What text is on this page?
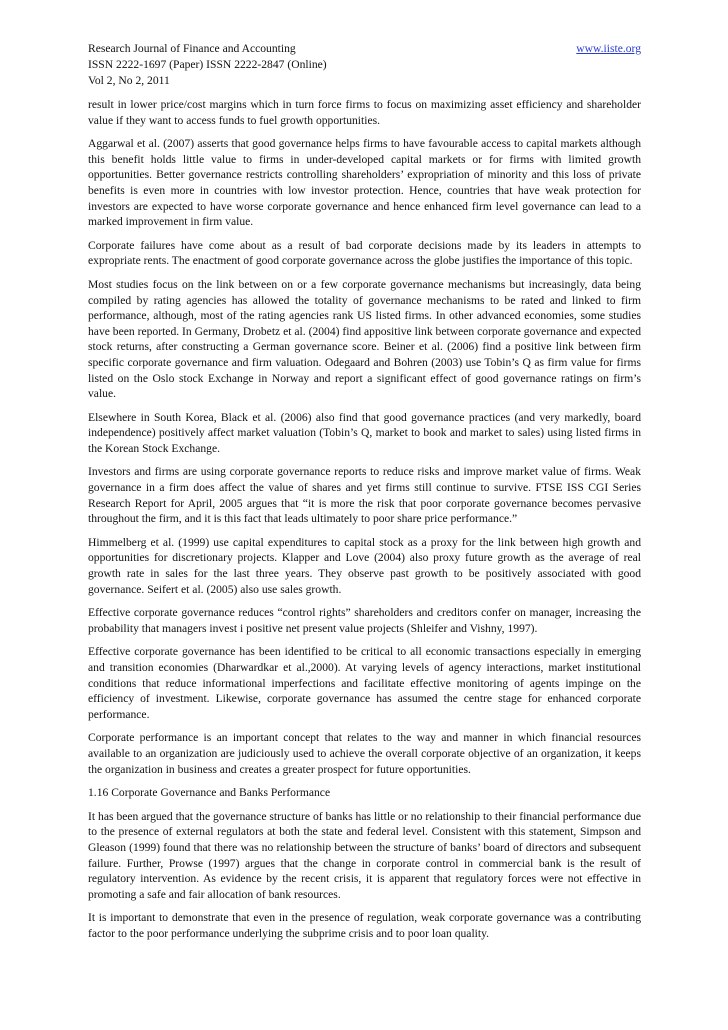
Research Journal of Finance and Accounting
ISSN 2222-1697 (Paper) ISSN 2222-2847 (Online)
Vol 2, No 2, 2011
www.iiste.org

result in lower price/cost margins which in turn force firms to focus on maximizing asset efficiency and shareholder value if they want to access funds to fuel growth opportunities.

Aggarwal et al. (2007) asserts that good governance helps firms to have favourable access to capital markets although this benefit holds little value to firms in under-developed capital markets or for firms with limited growth opportunities. Better governance restricts controlling shareholders’ expropriation of minority and this loss of private benefits is even more in countries with low investor protection. Hence, countries that have weak protection for investors are expected to have worse corporate governance and hence enhanced firm level governance can lead to a marked improvement in firm value.

Corporate failures have come about as a result of bad corporate decisions made by its leaders in attempts to expropriate rents. The enactment of good corporate governance across the globe justifies the importance of this topic.

Most studies focus on the link between on or a few corporate governance mechanisms but increasingly, data being compiled by rating agencies has allowed the totality of governance mechanisms to be rated and linked to firm performance, although, most of the rating agencies rank US listed firms. In other advanced economies, some studies have been reported. In Germany, Drobetz et al. (2004) find appositive link between corporate governance and expected stock returns, after constructing a German governance score. Beiner et al. (2006) find a positive link between firm specific corporate governance and firm valuation. Odegaard and Bohren (2003) use Tobin’s Q as firm value for firms listed on the Oslo stock Exchange in Norway and report a significant effect of good governance ratings on firm’s value.

Elsewhere in South Korea, Black et al. (2006) also find that good governance practices (and very markedly, board independence) positively affect market valuation (Tobin’s Q, market to book and market to sales) using listed firms in the Korean Stock Exchange.

Investors and firms are using corporate governance reports to reduce risks and improve market value of firms. Weak governance in a firm does affect the value of shares and yet firms still continue to survive. FTSE ISS CGI Series Research Report for April, 2005 argues that “it is more the risk that poor corporate governance becomes pervasive throughout the firm, and it is this fact that leads ultimately to poor share price performance.”

Himmelberg et al. (1999) use capital expenditures to capital stock as a proxy for the link between high growth and opportunities for discretionary projects. Klapper and Love (2004) also proxy future growth as the average of real growth rate in sales for the last three years. They observe past growth to be positively associated with good governance. Seifert et al. (2005) also use sales growth.

Effective corporate governance reduces “control rights” shareholders and creditors confer on manager, increasing the probability that managers invest i positive net present value projects (Shleifer and Vishny, 1997).

Effective corporate governance has been identified to be critical to all economic transactions especially in emerging and transition economies (Dharwardkar et al.,2000). At varying levels of agency interactions, market institutional conditions that reduce informational imperfections and facilitate effective monitoring of agents impinge on the efficiency of investment. Likewise, corporate governance has assumed the centre stage for enhanced corporate performance.

Corporate performance is an important concept that relates to the way and manner in which financial resources available to an organization are judiciously used to achieve the overall corporate objective of an organization, it keeps the organization in business and creates a greater prospect for future opportunities.

1.16 Corporate Governance and Banks Performance

It has been argued that the governance structure of banks has little or no relationship to their financial performance due to the presence of external regulators at both the state and federal level. Consistent with this statement, Simpson and Gleason (1999) found that there was no relationship between the structure of banks’ board of directors and subsequent failure. Further, Prowse (1997) argues that the change in corporate control in commercial bank is the result of regulatory intervention. As evidence by the recent crisis, it is apparent that regulatory forces were not effective in promoting a safe and fair allocation of bank resources.

It is important to demonstrate that even in the presence of regulation, weak corporate governance was a contributing factor to the poor performance underlying the subprime crisis and to poor loan quality.
